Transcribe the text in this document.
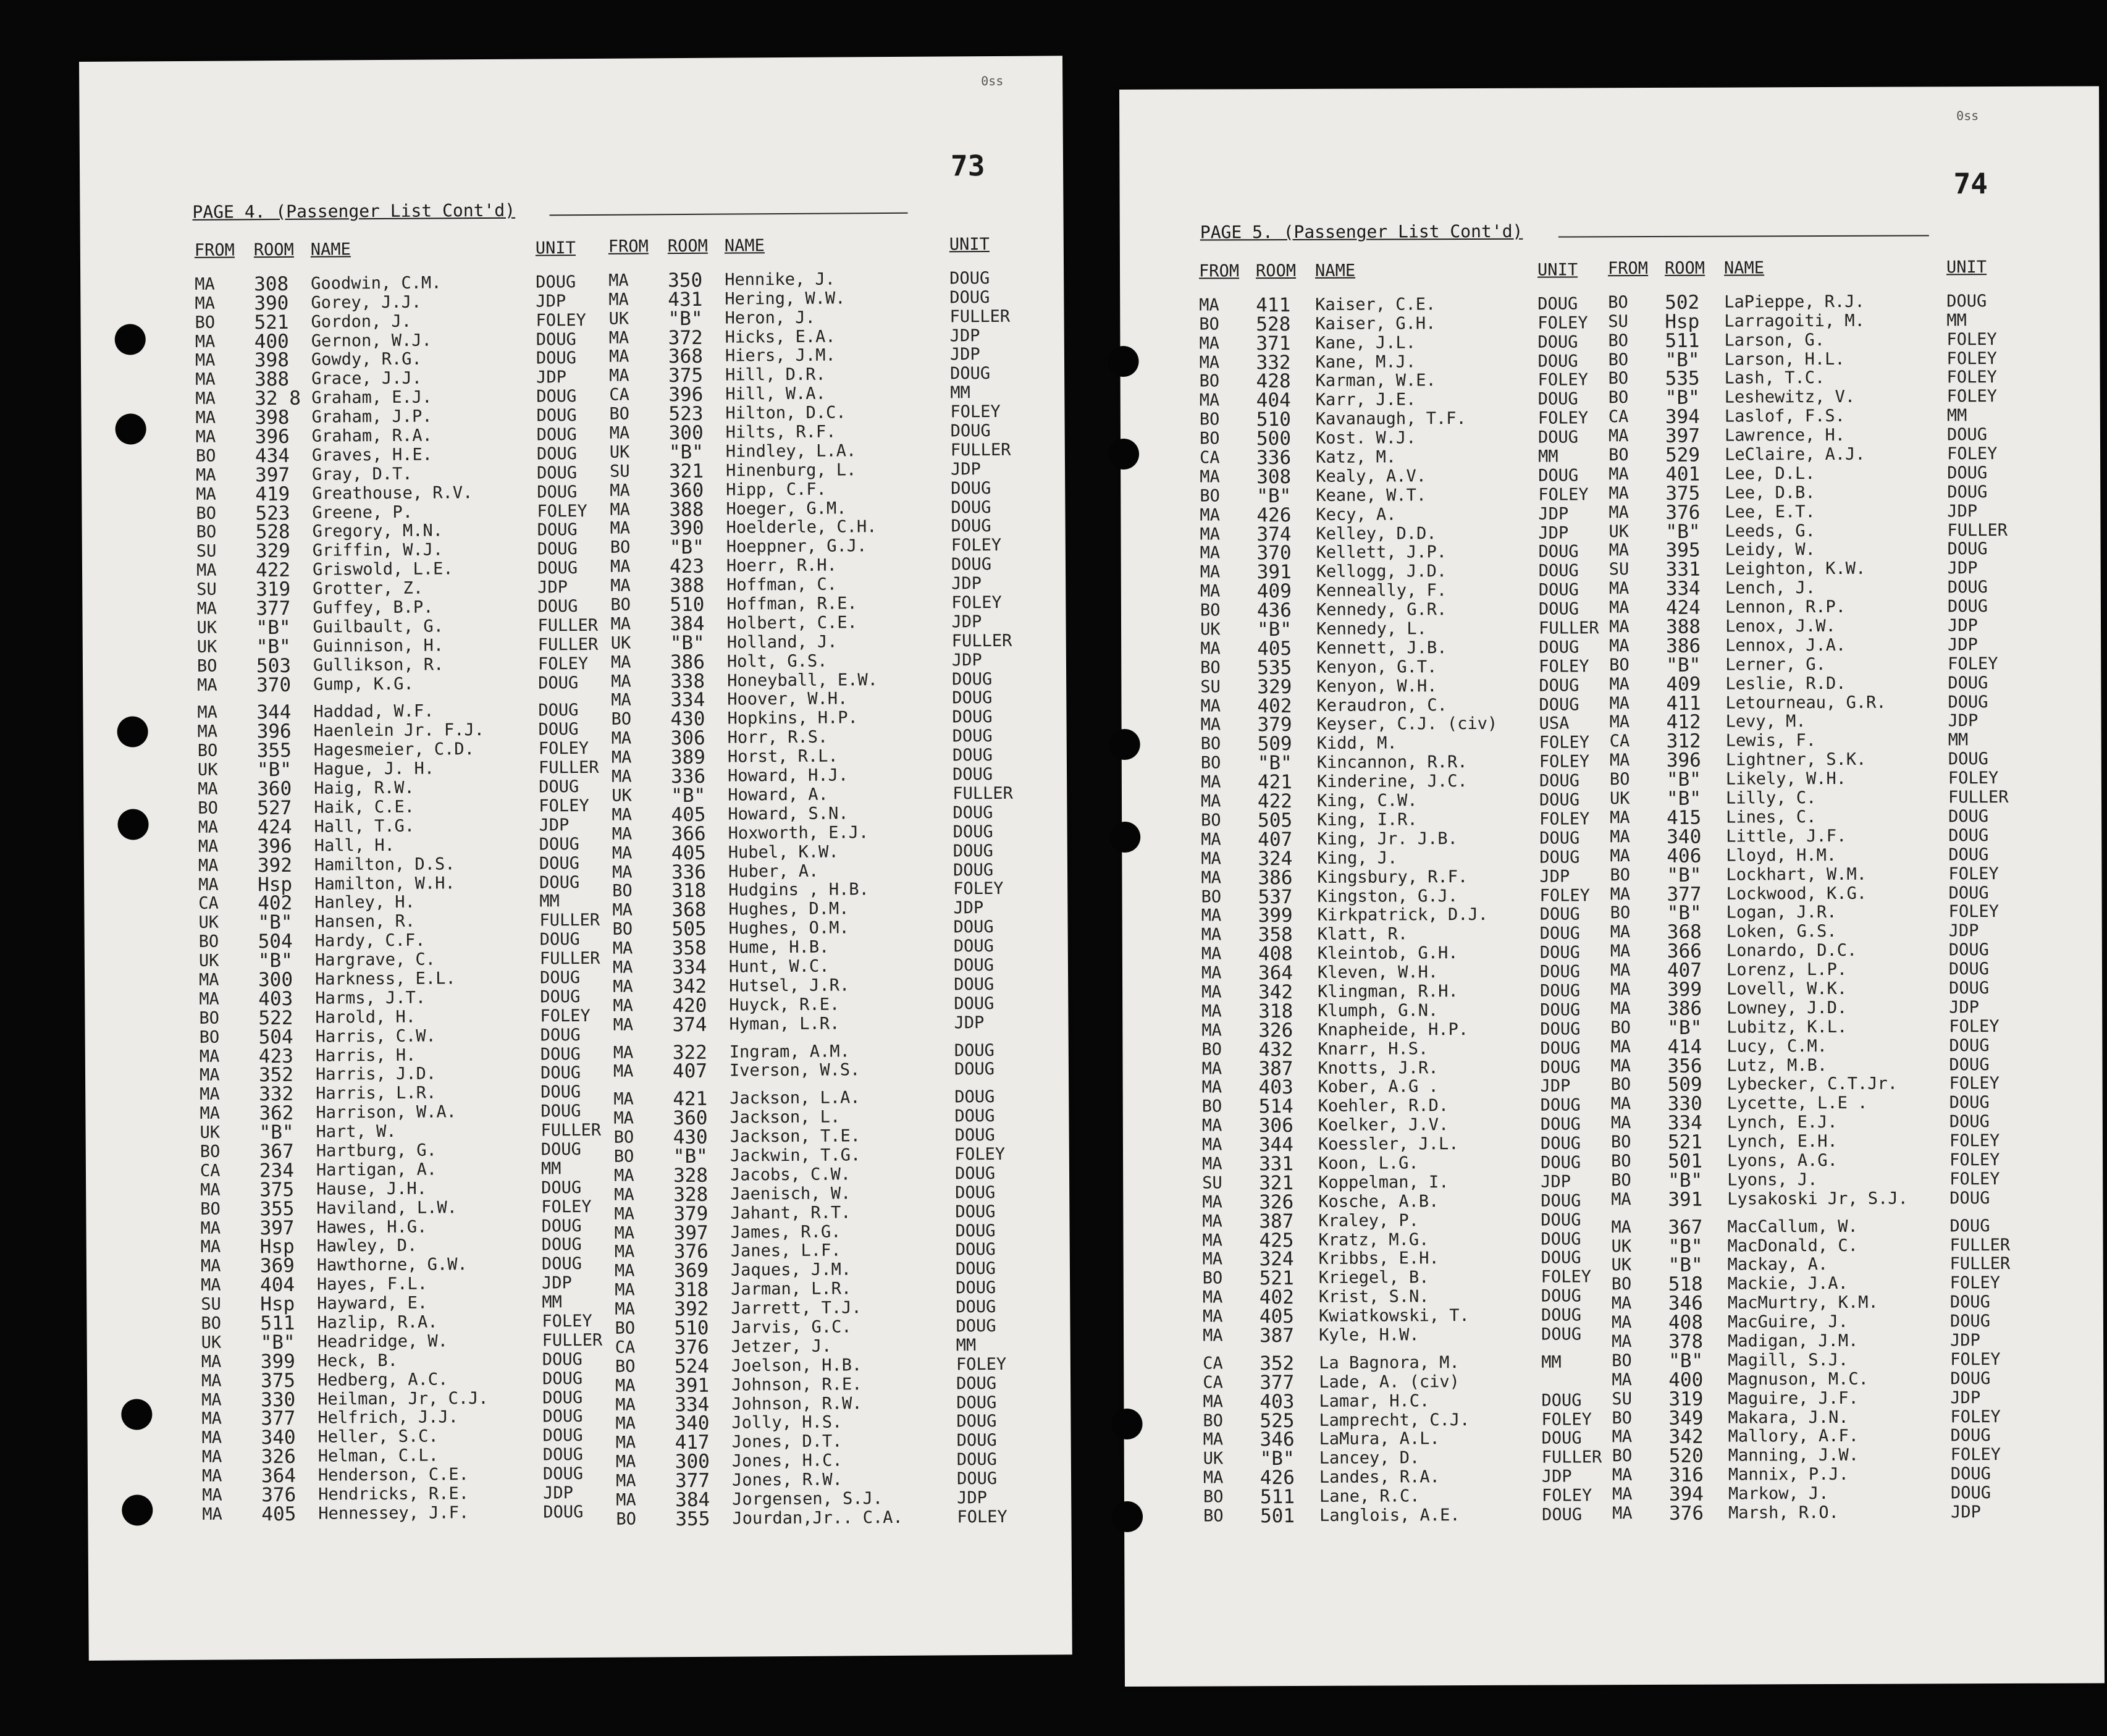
0ss
73
PAGE 4. (Passenger List Cont'd)
FROM ROOM NAME	UNIT
MA 308 Goodwin, C.M.	DOUG
MA 390 Gorey, J.J.	JDP
BO 521 Gordon, J.	FOLEY
MA 400 Gernon, W.J.	DOUG
MA 398 Gowdy, R.G.	DOUG
MA 388 Grace, J.J.	JDP
MA 32 8 Graham, E.J.	DOUG
MA 398 Graham, J.P.	DOUG
MA 396 Graham, R.A.	DOUG
BO 434 Graves, H.E.	DOUG
MA 397 Gray, D.T.	DOUG
MA 419 Greathouse, R.V.	DOUG
BO 523 Greene, P.	FOLEY
BO 528 Gregory, M.N.	DOUG
SU 329 Griffin, W.J.	DOUG
MA 422 Griswold, L.E.	DOUG
SU 319 Grotter, Z.	JDP
MA 377 Guffey, B.P.	DOUG
UK "B" Guilbault, G.	FULLER
UK "B" Guinnison, H.	FULLER
BO 503 Gullikson, R.	FOLEY
MA 370 Gump, K.G.	DOUG
MA 344 Haddad, W.F.	DOUG
MA 396 Haenlein Jr. F.J.	DOUG
BO 355 Hagesmeier, C.D.	FOLEY
UK "B" Hague, J. H.	FULLER
MA 360 Haig, R.W.	DOUG
BO 527 Haik, C.E.	FOLEY
MA 424 Hall, T.G.	JDP
MA 396 Hall, H.	DOUG
MA 392 Hamilton, D.S.	DOUG
MA Hsp Hamilton, W.H.	DOUG
CA 402 Hanley, H.	MM
UK "B" Hansen, R.	FULLER
BO 504 Hardy, C.F.	DOUG
UK "B" Hargrave, C.	FULLER
MA 300 Harkness, E.L.	DOUG
MA 403 Harms, J.T.	DOUG
BO 522 Harold, H.	FOLEY
BO 504 Harris, C.W.	DOUG
MA 423 Harris, H.	DOUG
MA 352 Harris, J.D.	DOUG
MA 332 Harris, L.R.	DOUG
MA 362 Harrison, W.A.	DOUG
UK "B" Hart, W.	FULLER
BO 367 Hartburg, G.	DOUG
CA 234 Hartigan, A.	MM
MA 375 Hause, J.H.	DOUG
BO 355 Haviland, L.W.	FOLEY
MA 397 Hawes, H.G.	DOUG
MA Hsp Hawley, D.	DOUG
MA 369 Hawthorne, G.W.	DOUG
MA 404 Hayes, F.L.	JDP
SU Hsp Hayward, E.	MM
BO 511 Hazlip, R.A.	FOLEY
UK "B" Headridge, W.	FULLER
MA 399 Heck, B.	DOUG
MA 375 Hedberg, A.C.	DOUG
MA 330 Heilman, Jr, C.J.	DOUG
MA 377 Helfrich, J.J.	DOUG
MA 340 Heller, S.C.	DOUG
MA 326 Helman, C.L.	DOUG
MA 364 Henderson, C.E.	DOUG
MA 376 Hendricks, R.E.	JDP
MA 405 Hennessey, J.F.	DOUG
FROM ROOM NAME	UNIT
MA 350 Hennike, J.	DOUG
MA 431 Hering, W.W.	DOUG
UK "B" Heron, J.	FULLER
MA 372 Hicks, E.A.	JDP
MA 368 Hiers, J.M.	JDP
MA 375 Hill, D.R.	DOUG
CA 396 Hill, W.A.	MM
BO 523 Hilton, D.C.	FOLEY
MA 300 Hilts, R.F.	DOUG
UK "B" Hindley, L.A.	FULLER
SU 321 Hinenburg, L.	JDP
MA 360 Hipp, C.F.	DOUG
MA 388 Hoeger, G.M.	DOUG
MA 390 Hoelderle, C.H.	DOUG
BO "B" Hoeppner, G.J.	FOLEY
MA 423 Hoerr, R.H.	DOUG
MA 388 Hoffman, C.	JDP
BO 510 Hoffman, R.E.	FOLEY
MA 384 Holbert, C.E.	JDP
UK "B" Holland, J.	FULLER
MA 386 Holt, G.S.	JDP
MA 338 Honeyball, E.W.	DOUG
MA 334 Hoover, W.H.	DOUG
BO 430 Hopkins, H.P.	DOUG
MA 306 Horr, R.S.	DOUG
MA 389 Horst, R.L.	DOUG
MA 336 Howard, H.J.	DOUG
UK "B" Howard, A.	FULLER
MA 405 Howard, S.N.	DOUG
MA 366 Hoxworth, E.J.	DOUG
MA 405 Hubel, K.W.	DOUG
MA 336 Huber, A.	DOUG
BO 318 Hudgins , H.B.	FOLEY
MA 368 Hughes, D.M.	JDP
BO 505 Hughes, O.M.	DOUG
MA 358 Hume, H.B.	DOUG
MA 334 Hunt, W.C.	DOUG
MA 342 Hutsel, J.R.	DOUG
MA 420 Huyck, R.E.	DOUG
MA 374 Hyman, L.R.	JDP
MA 322 Ingram, A.M.	DOUG
MA 407 Iverson, W.S.	DOUG
MA 421 Jackson, L.A.	DOUG
MA 360 Jackson, L.	DOUG
BO 430 Jackson, T.E.	DOUG
BO "B" Jackwin, T.G.	FOLEY
MA 328 Jacobs, C.W.	DOUG
MA 328 Jaenisch, W.	DOUG
MA 379 Jahant, R.T.	DOUG
MA 397 James, R.G.	DOUG
MA 376 Janes, L.F.	DOUG
MA 369 Jaques, J.M.	DOUG
MA 318 Jarman, L.R.	DOUG
MA 392 Jarrett, T.J.	DOUG
BO 510 Jarvis, G.C.	DOUG
CA 376 Jetzer, J.	MM
BO 524 Joelson, H.B.	FOLEY
MA 391 Johnson, R.E.	DOUG
MA 334 Johnson, R.W.	DOUG
MA 340 Jolly, H.S.	DOUG
MA 417 Jones, D.T.	DOUG
MA 300 Jones, H.C.	DOUG
MA 377 Jones, R.W.	DOUG
MA 384 Jorgensen, S.J.	JDP
BO 355 Jourdan,Jr.. C.A.	FOLEY
0ss
74
PAGE 5. (Passenger List Cont'd)
FROM ROOM NAME	UNIT
MA 411 Kaiser, C.E.	DOUG
BO 528 Kaiser, G.H.	FOLEY
MA 371 Kane, J.L.	DOUG
MA 332 Kane, M.J.	DOUG
BO 428 Karman, W.E.	FOLEY
MA 404 Karr, J.E.	DOUG
BO 510 Kavanaugh, T.F.	FOLEY
BO 500 Kost. W.J.	DOUG
CA 336 Katz, M.	MM
MA 308 Kealy, A.V.	DOUG
BO "B" Keane, W.T.	FOLEY
MA 426 Kecy, A.	JDP
MA 374 Kelley, D.D.	JDP
MA 370 Kellett, J.P.	DOUG
MA 391 Kellogg, J.D.	DOUG
MA 409 Kenneally, F.	DOUG
BO 436 Kennedy, G.R.	DOUG
UK "B" Kennedy, L.	FULLER
MA 405 Kennett, J.B.	DOUG
BO 535 Kenyon, G.T.	FOLEY
SU 329 Kenyon, W.H.	DOUG
MA 402 Keraudron, C.	DOUG
MA 379 Keyser, C.J. (civ) USA
BO 509 Kidd, M.	FOLEY
BO "B" Kincannon, R.R.	FOLEY
MA 421 Kinderine, J.C.	DOUG
MA 422 King, C.W.	DOUG
BO 505 King, I.R.	FOLEY
MA 407 King, Jr. J.B.	DOUG
MA 324 King, J.	DOUG
MA 386 Kingsbury, R.F.	JDP
BO 537 Kingston, G.J.	FOLEY
MA 399 Kirkpatrick, D.J.	DOUG
MA 358 Klatt, R.	DOUG
MA 408 Kleintob, G.H.	DOUG
MA 364 Kleven, W.H.	DOUG
MA 342 Klingman, R.H.	DOUG
MA 318 Klumph, G.N.	DOUG
MA 326 Knapheide, H.P.	DOUG
BO 432 Knarr, H.S.	DOUG
MA 387 Knotts, J.R.	DOUG
MA 403 Kober, A.G .	JDP
BO 514 Koehler, R.D.	DOUG
MA 306 Koelker, J.V.	DOUG
MA 344 Koessler, J.L.	DOUG
MA 331 Koon, L.G.	DOUG
SU 321 Koppelman, I.	JDP
MA 326 Kosche, A.B.	DOUG
MA 387 Kraley, P.	DOUG
MA 425 Kratz, M.G.	DOUG
MA 324 Kribbs, E.H.	DOUG
BO 521 Kriegel, B.	FOLEY
MA 402 Krist, S.N.	DOUG
MA 405 Kwiatkowski, T.	DOUG
MA 387 Kyle, H.W.	DOUG
CA 352 La Bagnora, M.	MM
CA 377 Lade, A. (civ)
MA 403 Lamar, H.C.	DOUG
BO 525 Lamprecht, C.J.	FOLEY
MA 346 LaMura, A.L.	DOUG
UK "B" Lancey, D.	FULLER
MA 426 Landes, R.A.	JDP
BO 511 Lane, R.C.	FOLEY
BO 501 Langlois, A.E.	DOUG
FROM ROOM NAME	UNIT
BO 502 LaPieppe, R.J.	DOUG
SU Hsp Larragoiti, M.	MM
BO 511 Larson, G.	FOLEY
BO "B" Larson, H.L.	FOLEY
BO 535 Lash, T.C.	FOLEY
BO "B" Leshewitz, V.	FOLEY
CA 394 Laslof, F.S.	MM
MA 397 Lawrence, H.	DOUG
BO 529 LeClaire, A.J.	FOLEY
MA 401 Lee, D.L.	DOUG
MA 375 Lee, D.B.	DOUG
MA 376 Lee, E.T.	JDP
UK "B" Leeds, G.	FULLER
MA 395 Leidy, W.	DOUG
SU 331 Leighton, K.W.	JDP
MA 334 Lench, J.	DOUG
MA 424 Lennon, R.P.	DOUG
MA 388 Lenox, J.W.	JDP
MA 386 Lennox, J.A.	JDP
BO "B" Lerner, G.	FOLEY
MA 409 Leslie, R.D.	DOUG
MA 411 Letourneau, G.R.	DOUG
MA 412 Levy, M.	JDP
CA 312 Lewis, F.	MM
MA 396 Lightner, S.K.	DOUG
BO "B" Likely, W.H.	FOLEY
UK "B" Lilly, C.	FULLER
MA 415 Lines, C.	DOUG
MA 340 Little, J.F.	DOUG
MA 406 Lloyd, H.M.	DOUG
BO "B" Lockhart, W.M.	FOLEY
MA 377 Lockwood, K.G.	DOUG
BO "B" Logan, J.R.	FOLEY
MA 368 Loken, G.S.	JDP
MA 366 Lonardo, D.C.	DOUG
MA 407 Lorenz, L.P.	DOUG
MA 399 Lovell, W.K.	DOUG
MA 386 Lowney, J.D.	JDP
BO "B" Lubitz, K.L.	FOLEY
MA 414 Lucy, C.M.	DOUG
MA 356 Lutz, M.B.	DOUG
BO 509 Lybecker, C.T.Jr.	FOLEY
MA 330 Lycette, L.E .	DOUG
MA 334 Lynch, E.J.	DOUG
BO 521 Lynch, E.H.	FOLEY
BO 501 Lyons, A.G.	FOLEY
BO "B" Lyons, J.	FOLEY
MA 391 Lysakoski Jr, S.J. DOUG
MA 367 MacCallum, W.	DOUG
UK "B" MacDonald, C.	FULLER
UK "B" Mackay, A.	FULLER
BO 518 Mackie, J.A.	FOLEY
MA 346 MacMurtry, K.M.	DOUG
MA 408 MacGuire, J.	DOUG
MA 378 Madigan, J.M.	JDP
BO "B" Magill, S.J.	FOLEY
MA 400 Magnuson, M.C.	DOUG
SU 319 Maguire, J.F.	JDP
BO 349 Makara, J.N.	FOLEY
MA 342 Mallory, A.F.	DOUG
BO 520 Manning, J.W.	FOLEY
MA 316 Mannix, P.J.	DOUG
MA 394 Markow, J.	DOUG
MA 376 Marsh, R.O.	JDP
